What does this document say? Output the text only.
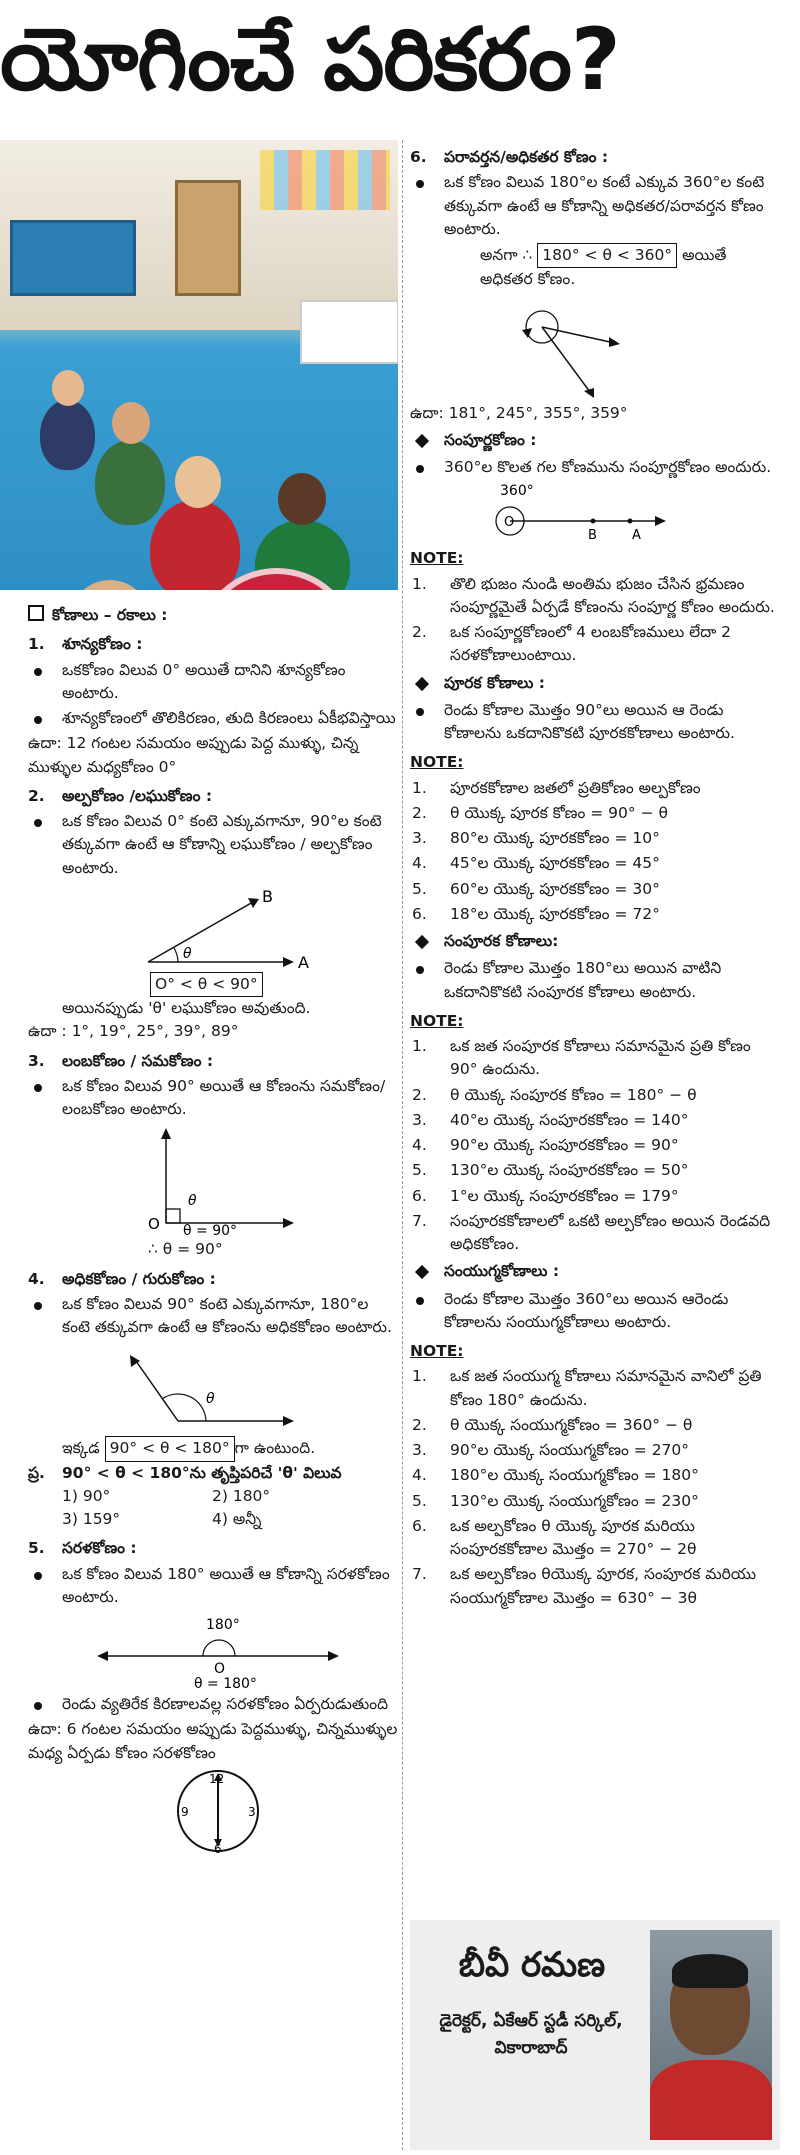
యోగించే పరికరం?
కోణాలు – రకాలు :
1. శూన్యకోణం :
ఒకకోణం విలువ 0° అయితే దానిని శూన్యకోణం అంటారు.
శూన్యకోణంలో తొలికిరణం, తుది కిరణంలు ఏకీభవిస్తాయి
ఉదా: 12 గంటల సమయం అప్పుడు పెద్ద ముళ్ళు, చిన్న ముళ్ళుల మధ్యకోణం 0°
2. అల్పకోణం /లఘుకోణం :
ఒక కోణం విలువ 0° కంటె ఎక్కువగానూ, 90°ల కంటె తక్కువగా ఉంటే ఆ కోణాన్ని లఘుకోణం / అల్పకోణం అంటారు.
θ
B
A
O° < θ < 90°
అయినప్పుడు 'θ' లఘుకోణం అవుతుంది.
ఉదా : 1°, 19°, 25°, 39°, 89°
3. లంబకోణం / సమకోణం :
ఒక కోణం విలువ 90° అయితే ఆ కోణంను సమకోణం/లంబకోణం అంటారు.
θ
O θ = 90°
∴ θ = 90°
4. అధికకోణం / గురుకోణం :
ఒక కోణం విలువ 90° కంటె ఎక్కువగానూ, 180°ల కంటె తక్కువగా ఉంటే ఆ కోణంను అధికకోణం అంటారు.
θ
ఇక్కడ 90° < θ < 180° గా ఉంటుంది.
ప్ర. 90° < θ < 180°ను తృప్తిపరిచే 'θ' విలువ
1) 90°	2) 180°
3) 159°	4) అన్నీ
5. సరళకోణం :
ఒక కోణం విలువ 180° అయితే ఆ కోణాన్ని సరళకోణం అంటారు.
180°
O
θ = 180°
రెండు వ్యతిరేక కిరణాలవల్ల సరళకోణం ఏర్పరుడుతుంది
ఉదా: 6 గంటల సమయం అప్పుడు పెద్దముళ్ళు, చిన్నముళ్ళుల మధ్య ఏర్పడు కోణం సరళకోణం
12
3
6
9
6. పరావర్తన/అధికతర కోణం :
ఒక కోణం విలువ 180°ల కంటే ఎక్కువ 360°ల కంటె తక్కువగా ఉంటే ఆ కోణాన్ని అధికతర/పరావర్తన కోణం అంటారు.
అనగా ∴ 180° < θ < 360° అయితే అధికతర కోణం.
ఉదా: 181°, 245°, 355°, 359°
సంపూర్ణకోణం :
360°ల కొలత గల కోణమును సంపూర్ణకోణం అందురు.
360°
O
B	A
NOTE:
1. తొలి భుజం నుండి అంతిమ భుజం చేసిన భ్రమణం సంపూర్ణమైతే ఏర్పడే కోణంను సంపూర్ణ కోణం అందురు.
2. ఒక సంపూర్ణకోణంలో 4 లంబకోణములు లేదా 2 సరళకోణాలుంటాయి.
పూరక కోణాలు :
రెండు కోణాల మొత్తం 90°లు అయిన ఆ రెండు కోణాలను ఒకదానికొకటి పూరకకోణాలు అంటారు.
NOTE:
1. పూరకకోణాల జతలో ప్రతికోణం అల్పకోణం
2. θ యొక్క పూరక కోణం = 90° − θ
3. 80°ల యొక్క పూరకకోణం = 10°
4. 45°ల యొక్క పూరకకోణం = 45°
5. 60°ల యొక్క పూరకకోణం = 30°
6. 18°ల యొక్క పూరకకోణం = 72°
సంపూరక కోణాలు:
రెండు కోణాల మొత్తం 180°లు అయిన వాటిని ఒకదానికొకటి సంపూరక కోణాలు అంటారు.
NOTE:
1. ఒక జత సంపూరక కోణాలు సమానమైన ప్రతి కోణం 90° ఉందును.
2. θ యొక్క సంపూరక కోణం = 180° − θ
3. 40°ల యొక్క సంపూరకకోణం = 140°
4. 90°ల యొక్క సంపూరకకోణం = 90°
5. 130°ల యొక్క సంపూరకకోణం = 50°
6. 1°ల యొక్క సంపూరకకోణం = 179°
7. సంపూరకకోణాలలో ఒకటి అల్పకోణం అయిన రెండవది అధికకోణం.
సంయుగ్మకోణాలు :
రెండు కోణాల మొత్తం 360°లు అయిన ఆరెండు కోణాలను సంయుగ్మకోణాలు అంటారు.
NOTE:
1. ఒక జత సంయుగ్మ కోణాలు సమానమైన వానిలో ప్రతి కోణం 180° ఉందును.
2. θ యొక్క సంయుగ్మకోణం = 360° − θ
3. 90°ల యొక్క సంయుగ్మకోణం = 270°
4. 180°ల యొక్క సంయుగ్మకోణం = 180°
5. 130°ల యొక్క సంయుగ్మకోణం = 230°
6. ఒక అల్పకోణం θ యొక్క పూరక మరియు సంపూరకకోణాల మొత్తం = 270° − 2θ
7. ఒక అల్పకోణం θయొక్క పూరక, సంపూరక మరియు సంయుగ్మకోణాల మొత్తం = 630° − 3θ
బీవీ రమణ
డైరెక్టర్, ఏకేఆర్ స్టడీ సర్కిల్,
వికారాబాద్
